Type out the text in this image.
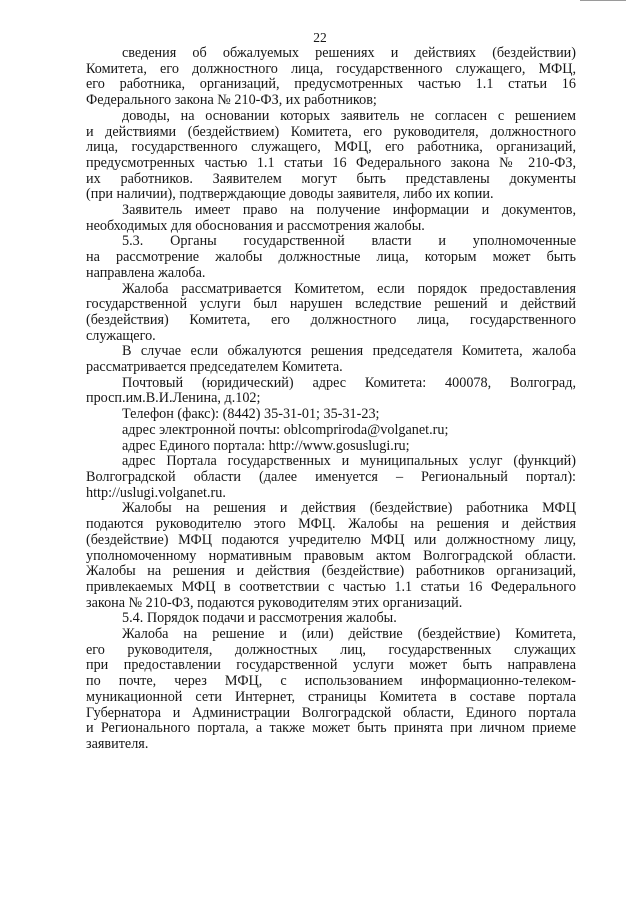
22

сведения об обжалуемых решениях и действиях (бездействии)
Комитета, его должностного лица, государственного служащего, МФЦ,
его работника, организаций, предусмотренных частью 1.1 статьи 16
Федерального закона № 210-ФЗ, их работников;

доводы, на основании которых заявитель не согласен с решением
и действиями (бездействием) Комитета, его руководителя, должностного
лица, государственного служащего, МФЦ, его работника, организаций,
предусмотренных частью 1.1 статьи 16 Федерального закона № 210-ФЗ,
их работников. Заявителем могут быть представлены документы
(при наличии), подтверждающие доводы заявителя, либо их копии.

Заявитель имеет право на получение информации и документов,
необходимых для обоснования и рассмотрения жалобы.

5.3. Органы государственной власти и уполномоченные
на рассмотрение жалобы должностные лица, которым может быть
направлена жалоба.

Жалоба рассматривается Комитетом, если порядок предоставления
государственной услуги был нарушен вследствие решений и действий
(бездействия) Комитета, его должностного лица, государственного
служащего.

В случае если обжалуются решения председателя Комитета, жалоба
рассматривается председателем Комитета.

Почтовый (юридический) адрес Комитета: 400078, Волгоград,
просп.им.В.И.Ленина, д.102;

Телефон (факс): (8442) 35-31-01; 35-31-23;

адрес электронной почты: oblcompriroda@volganet.ru;

адрес Единого портала: http://www.gosuslugi.ru;

адрес Портала государственных и муниципальных услуг (функций)
Волгоградской области (далее именуется – Региональный портал):
http://uslugi.volganet.ru.

Жалобы на решения и действия (бездействие) работника МФЦ
подаются руководителю этого МФЦ. Жалобы на решения и действия
(бездействие) МФЦ подаются учредителю МФЦ или должностному лицу,
уполномоченному нормативным правовым актом Волгоградской области.
Жалобы на решения и действия (бездействие) работников организаций,
привлекаемых МФЦ в соответствии с частью 1.1 статьи 16 Федерального
закона № 210-ФЗ, подаются руководителям этих организаций.

5.4. Порядок подачи и рассмотрения жалобы.

Жалоба на решение и (или) действие (бездействие) Комитета,
его руководителя, должностных лиц, государственных служащих
при предоставлении государственной услуги может быть направлена
по почте, через МФЦ, с использованием информационно-телеком-
муникационной сети Интернет, страницы Комитета в составе портала
Губернатора и Администрации Волгоградской области, Единого портала
и Регионального портала, а также может быть принята при личном приеме
заявителя.
